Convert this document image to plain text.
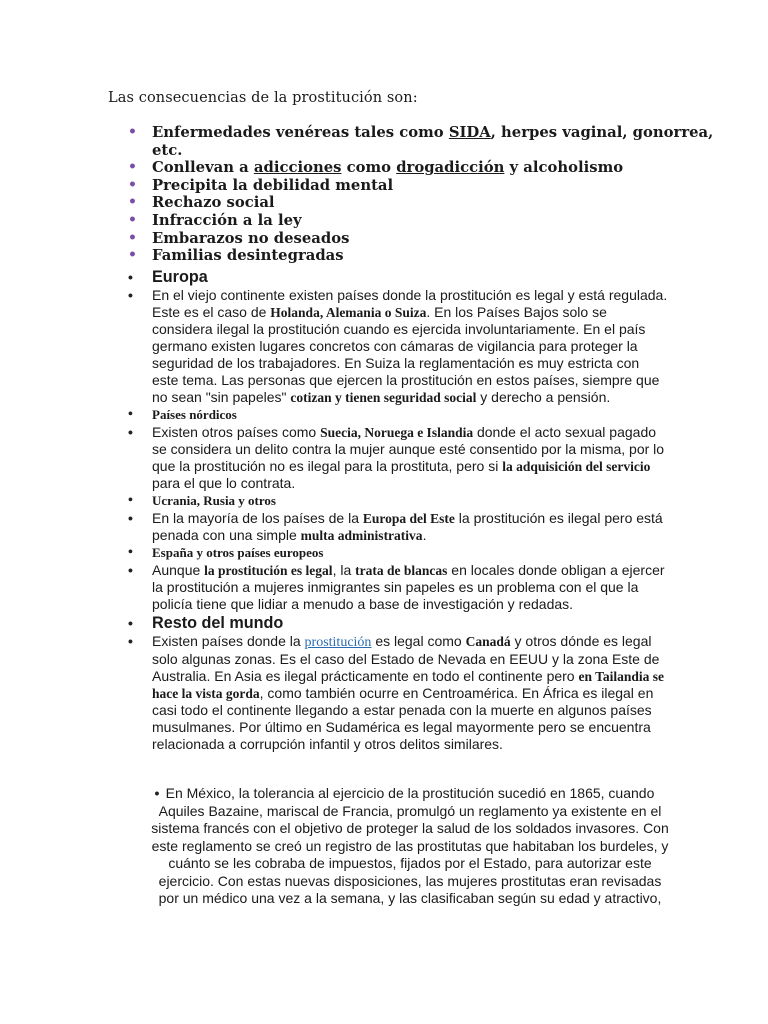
Las consecuencias de la prostitución son:
•	Enfermedades venéreas tales como SIDA, herpes vaginal, gonorrea, etc.
•	Conllevan a adicciones como drogadicción y alcoholismo
•	Precipita la debilidad mental
•	Rechazo social
•	Infracción a la ley
•	Embarazos no deseados
•	Familias desintegradas
•	Europa
•	En el viejo continente existen países donde la prostitución es legal y está regulada. Este es el caso de Holanda, Alemania o Suiza. En los Países Bajos solo se considera ilegal la prostitución cuando es ejercida involuntariamente. En el país germano existen lugares concretos con cámaras de vigilancia para proteger la seguridad de los trabajadores. En Suiza la reglamentación es muy estricta con este tema. Las personas que ejercen la prostitución en estos países, siempre que no sean "sin papeles" cotizan y tienen seguridad social y derecho a pensión.
•	Países nórdicos
•	Existen otros países como Suecia, Noruega e Islandia donde el acto sexual pagado se considera un delito contra la mujer aunque esté consentido por la misma, por lo que la prostitución no es ilegal para la prostituta, pero si la adquisición del servicio para el que lo contrata.
•	Ucrania, Rusia y otros
•	En la mayoría de los países de la Europa del Este la prostitución es ilegal pero está penada con una simple multa administrativa.
•	España y otros países europeos
•	Aunque la prostitución es legal, la trata de blancas en locales donde obligan a ejercer la prostitución a mujeres inmigrantes sin papeles es un problema con el que la policía tiene que lidiar a menudo a base de investigación y redadas.
•	Resto del mundo
•	Existen países donde la prostitución es legal como Canadá y otros dónde es legal solo algunas zonas. Es el caso del Estado de Nevada en EEUU y la zona Este de Australia. En Asia es ilegal prácticamente en todo el continente pero en Tailandia se hace la vista gorda, como también ocurre en Centroamérica. En África es ilegal en casi todo el continente llegando a estar penada con la muerte en algunos países musulmanes. Por último en Sudamérica es legal mayormente pero se encuentra relacionada a corrupción infantil y otros delitos similares.
• En México, la tolerancia al ejercicio de la prostitución sucedió en 1865, cuando Aquiles Bazaine, mariscal de Francia, promulgó un reglamento ya existente en el sistema francés con el objetivo de proteger la salud de los soldados invasores. Con este reglamento se creó un registro de las prostitutas que habitaban los burdeles, y cuánto se les cobraba de impuestos, fijados por el Estado, para autorizar este ejercicio. Con estas nuevas disposiciones, las mujeres prostitutas eran revisadas por un médico una vez a la semana, y las clasificaban según su edad y atractivo,
